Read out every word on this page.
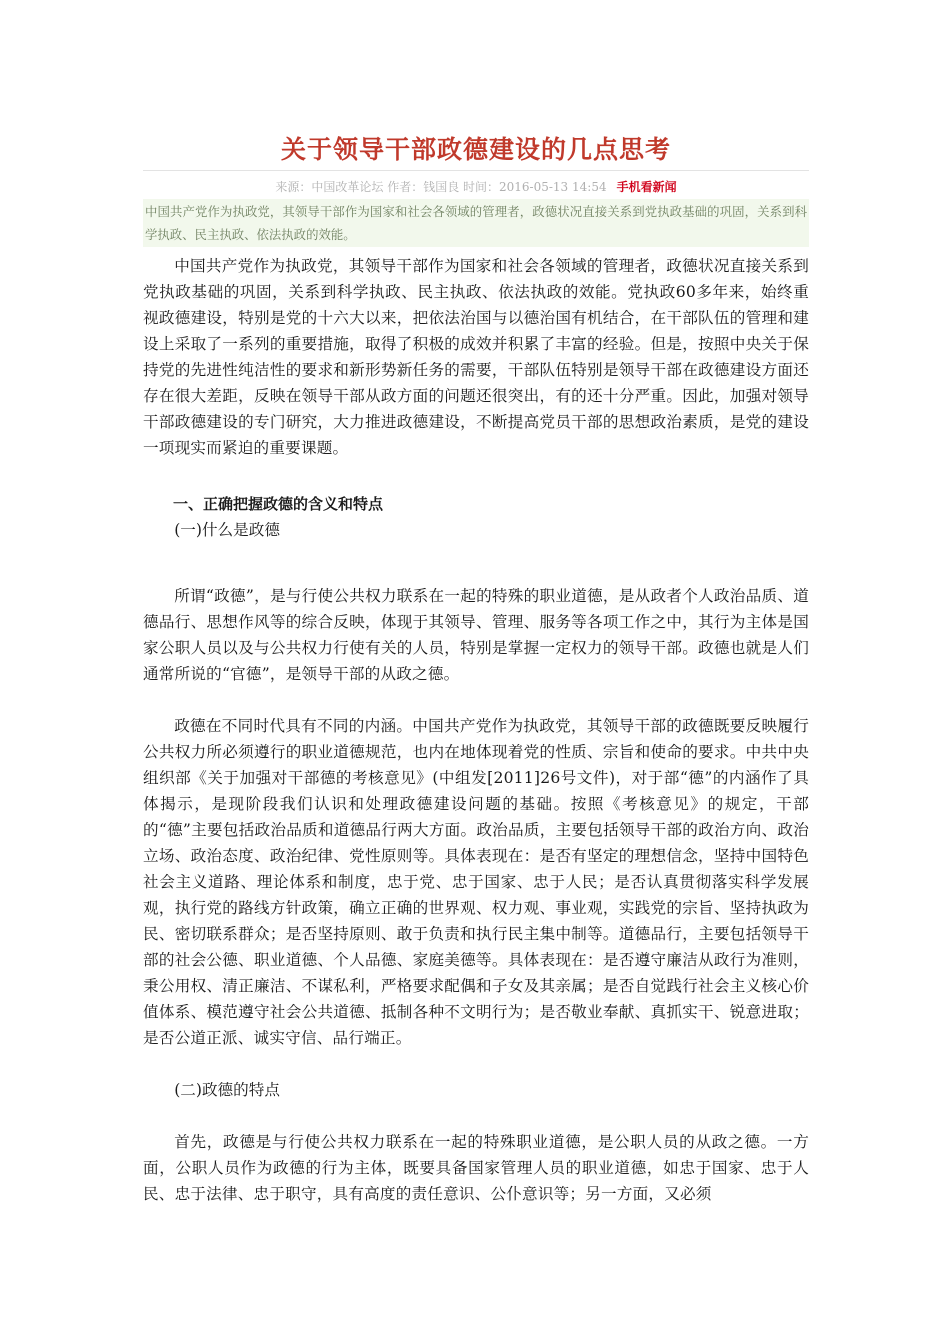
关于领导干部政德建设的几点思考
来源：中国改革论坛 作者：钱国良 时间：2016-05-13 14:54 手机看新闻
中国共产党作为执政党，其领导干部作为国家和社会各领域的管理者，政德状况直接关系到党执政基础的巩固，关系到科学执政、民主执政、依法执政的效能。

中国共产党作为执政党，其领导干部作为国家和社会各领域的管理者，政德状况直接关系到党执政基础的巩固，关系到科学执政、民主执政、依法执政的效能。党执政60多年来，始终重视政德建设，特别是党的十六大以来，把依法治国与以德治国有机结合，在干部队伍的管理和建设上采取了一系列的重要措施，取得了积极的成效并积累了丰富的经验。但是，按照中央关于保持党的先进性纯洁性的要求和新形势新任务的需要，干部队伍特别是领导干部在政德建设方面还存在很大差距，反映在领导干部从政方面的问题还很突出，有的还十分严重。因此，加强对领导干部政德建设的专门研究，大力推进政德建设，不断提高党员干部的思想政治素质，是党的建设一项现实而紧迫的重要课题。

一、正确把握政德的含义和特点

(一)什么是政德

所谓“政德”，是与行使公共权力联系在一起的特殊的职业道德，是从政者个人政治品质、道德品行、思想作风等的综合反映，体现于其领导、管理、服务等各项工作之中，其行为主体是国家公职人员以及与公共权力行使有关的人员，特别是掌握一定权力的领导干部。政德也就是人们通常所说的“官德”，是领导干部的从政之德。

政德在不同时代具有不同的内涵。中国共产党作为执政党，其领导干部的政德既要反映履行公共权力所必须遵行的职业道德规范，也内在地体现着党的性质、宗旨和使命的要求。中共中央组织部《关于加强对干部德的考核意见》(中组发[2011]26号文件)，对于部“德”的内涵作了具体揭示，是现阶段我们认识和处理政德建设问题的基础。按照《考核意见》的规定，干部的“德”主要包括政治品质和道德品行两大方面。政治品质，主要包括领导干部的政治方向、政治立场、政治态度、政治纪律、党性原则等。具体表现在：是否有坚定的理想信念，坚持中国特色社会主义道路、理论体系和制度，忠于党、忠于国家、忠于人民；是否认真贯彻落实科学发展观，执行党的路线方针政策，确立正确的世界观、权力观、事业观，实践党的宗旨、坚持执政为民、密切联系群众；是否坚持原则、敢于负责和执行民主集中制等。道德品行，主要包括领导干部的社会公德、职业道德、个人品德、家庭美德等。具体表现在：是否遵守廉洁从政行为准则，秉公用权、清正廉洁、不谋私利，严格要求配偶和子女及其亲属；是否自觉践行社会主义核心价值体系、模范遵守社会公共道德、抵制各种不文明行为；是否敬业奉献、真抓实干、锐意进取；是否公道正派、诚实守信、品行端正。

(二)政德的特点

首先，政德是与行使公共权力联系在一起的特殊职业道德，是公职人员的从政之德。一方面，公职人员作为政德的行为主体，既要具备国家管理人员的职业道德，如忠于国家、忠于人民、忠于法律、忠于职守，具有高度的责任意识、公仆意识等；另一方面，又必须
